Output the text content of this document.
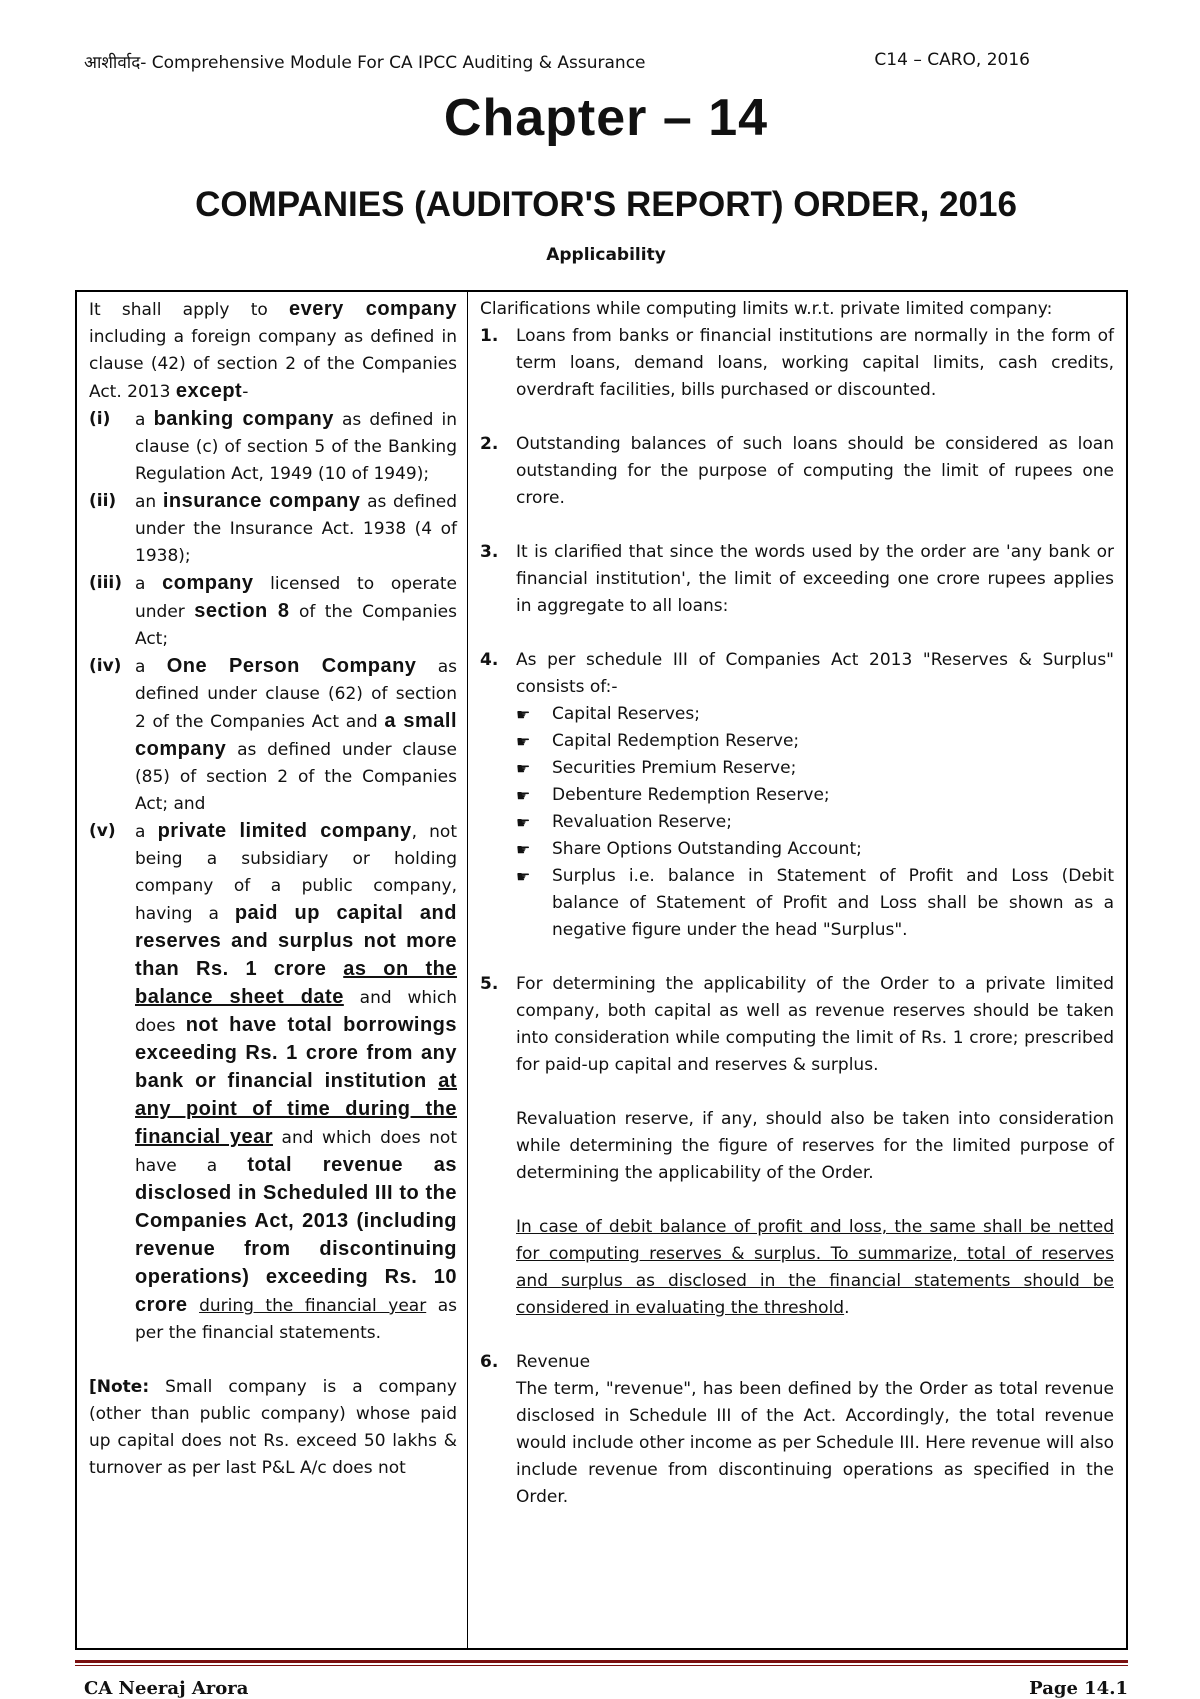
आशीर्वाद- Comprehensive Module For CA IPCC Auditing & Assurance	C14 – CARO, 2016
Chapter – 14
COMPANIES (AUDITOR'S REPORT) ORDER, 2016
Applicability
It shall apply to every company including a foreign company as defined in clause (42) of section 2 of the Companies Act. 2013 except-
(i)	a banking company as defined in clause (c) of section 5 of the Banking Regulation Act, 1949 (10 of 1949);
(ii)	an insurance company as defined under the Insurance Act. 1938 (4 of 1938);
(iii) a company licensed to operate under section 8 of the Companies Act;
(iv) a One Person Company as defined under clause (62) of section 2 of the Companies Act and a small company as defined under clause (85) of section 2 of the Companies Act; and
(v)	a private limited company, not being a subsidiary or holding company of a public company, having a paid up capital and reserves and surplus not more than Rs. 1 crore as on the balance sheet date and which does not have total borrowings exceeding Rs. 1 crore from any bank or financial institution at any point of time during the financial year and which does not have a total revenue as disclosed in Scheduled III to the Companies Act, 2013 (including revenue from discontinuing operations) exceeding Rs. 10 crore during the financial year as per the financial statements.
[Note: Small company is a company (other than public company) whose paid up capital does not Rs. exceed 50 lakhs & turnover as per last P&L A/c does not
Clarifications while computing limits w.r.t. private limited company:
1.	Loans from banks or financial institutions are normally in the form of term loans, demand loans, working capital limits, cash credits, overdraft facilities, bills purchased or discounted.
2.	Outstanding balances of such loans should be considered as loan outstanding for the purpose of computing the limit of rupees one crore.
3.	It is clarified that since the words used by the order are 'any bank or financial institution', the limit of exceeding one crore rupees applies in aggregate to all loans:
4.	As per schedule III of Companies Act 2013 "Reserves & Surplus" consists of:-
☛	Capital Reserves;
☛	Capital Redemption Reserve;
☛	Securities Premium Reserve;
☛	Debenture Redemption Reserve;
☛	Revaluation Reserve;
☛	Share Options Outstanding Account;
☛	Surplus i.e. balance in Statement of Profit and Loss (Debit balance of Statement of Profit and Loss shall be shown as a negative figure under the head "Surplus".
5.	For determining the applicability of the Order to a private limited company, both capital as well as revenue reserves should be taken into consideration while computing the limit of Rs. 1 crore; prescribed for paid-up capital and reserves & surplus.
Revaluation reserve, if any, should also be taken into consideration while determining the figure of reserves for the limited purpose of determining the applicability of the Order.
In case of debit balance of profit and loss, the same shall be netted for computing reserves & surplus. To summarize, total of reserves and surplus as disclosed in the financial statements should be considered in evaluating the threshold.
6.	Revenue
The term, "revenue", has been defined by the Order as total revenue disclosed in Schedule III of the Act. Accordingly, the total revenue would include other income as per Schedule III. Here revenue will also include revenue from discontinuing operations as specified in the Order.
CA Neeraj Arora	Page 14.1
